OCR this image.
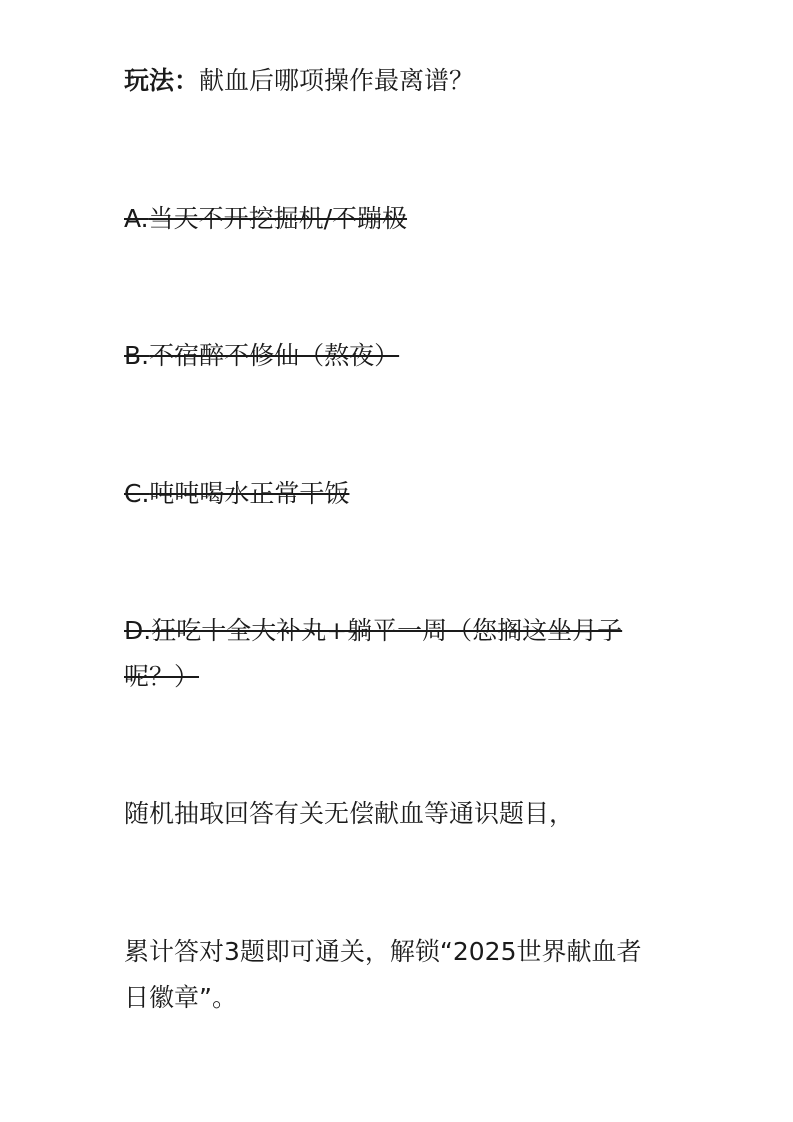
玩法：献血后哪项操作最离谱？

A.当天不开挖掘机/不蹦极

B.不宿醉不修仙（熬夜）

C.吨吨喝水正常干饭

D.狂吃十全大补丸+躺平一周（您搁这坐月子

呢？）

随机抽取回答有关无偿献血等通识题目，

累计答对3题即可通关，解锁“2025世界献血者

日徽章”。
